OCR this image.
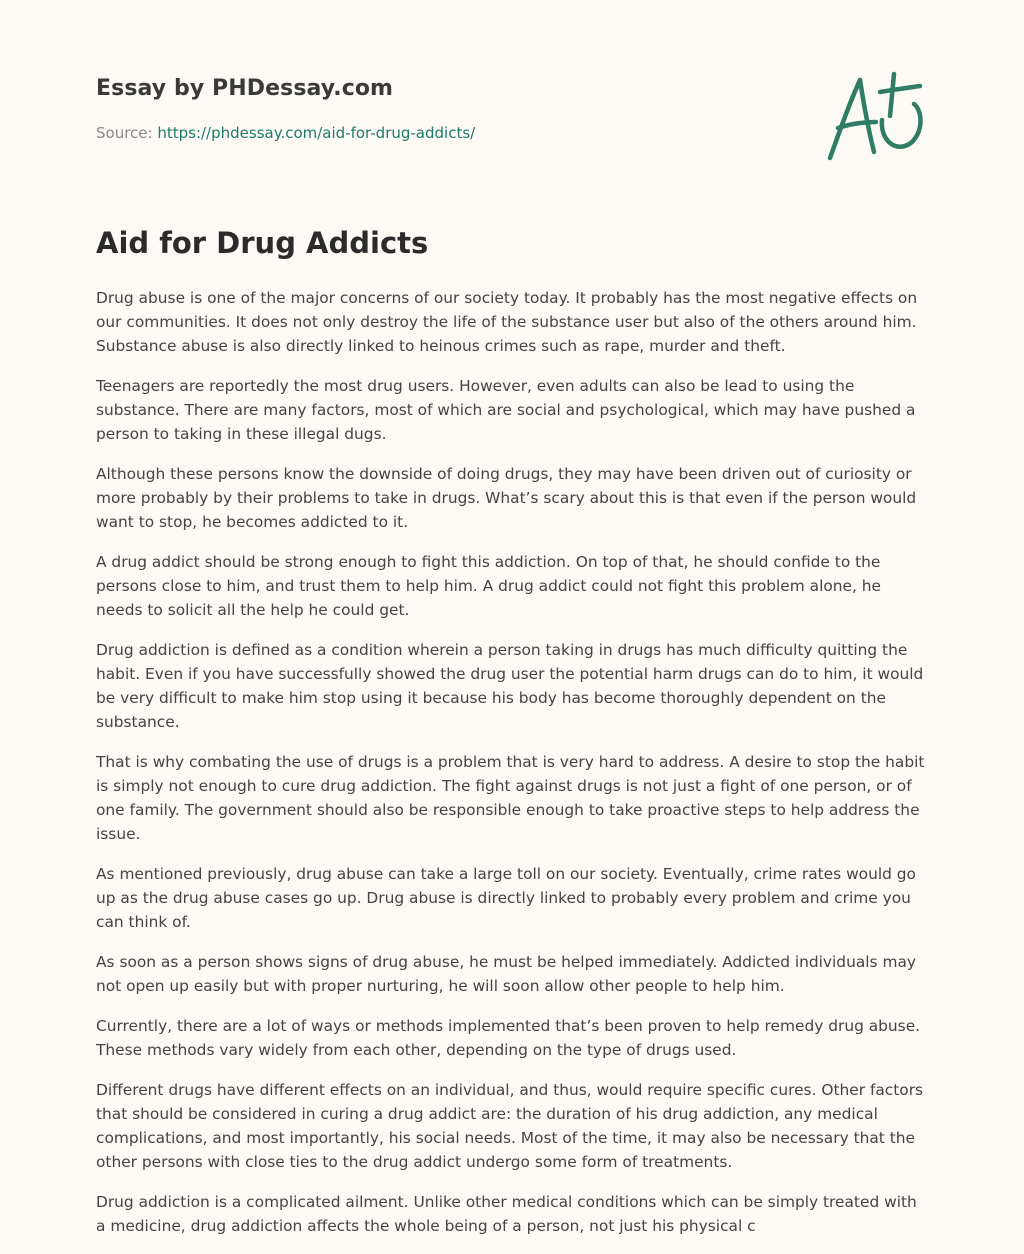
Essay by PHDessay.com
Source: https://phdessay.com/aid-for-drug-addicts/
Aid for Drug Addicts

Drug abuse is one of the major concerns of our society today. It probably has the most negative effects on our communities. It does not only destroy the life of the substance user but also of the others around him. Substance abuse is also directly linked to heinous crimes such as rape, murder and theft.

Teenagers are reportedly the most drug users. However, even adults can also be lead to using the substance. There are many factors, most of which are social and psychological, which may have pushed a person to taking in these illegal dugs.

Although these persons know the downside of doing drugs, they may have been driven out of curiosity or more probably by their problems to take in drugs. What’s scary about this is that even if the person would want to stop, he becomes addicted to it.

A drug addict should be strong enough to fight this addiction. On top of that, he should confide to the persons close to him, and trust them to help him. A drug addict could not fight this problem alone, he needs to solicit all the help he could get.

Drug addiction is defined as a condition wherein a person taking in drugs has much difficulty quitting the habit. Even if you have successfully showed the drug user the potential harm drugs can do to him, it would be very difficult to make him stop using it because his body has become thoroughly dependent on the substance.

That is why combating the use of drugs is a problem that is very hard to address. A desire to stop the habit is simply not enough to cure drug addiction. The fight against drugs is not just a fight of one person, or of one family. The government should also be responsible enough to take proactive steps to help address the issue.

As mentioned previously, drug abuse can take a large toll on our society. Eventually, crime rates would go up as the drug abuse cases go up. Drug abuse is directly linked to probably every problem and crime you can think of.

As soon as a person shows signs of drug abuse, he must be helped immediately. Addicted individuals may not open up easily but with proper nurturing, he will soon allow other people to help him.

Currently, there are a lot of ways or methods implemented that’s been proven to help remedy drug abuse. These methods vary widely from each other, depending on the type of drugs used.

Different drugs have different effects on an individual, and thus, would require specific cures. Other factors that should be considered in curing a drug addict are: the duration of his drug addiction, any medical complications, and most importantly, his social needs. Most of the time, it may also be necessary that the other persons with close ties to the drug addict undergo some form of treatments.

Drug addiction is a complicated ailment. Unlike other medical conditions which can be simply treated with a medicine, drug addiction affects the whole being of a person, not just his physical c
